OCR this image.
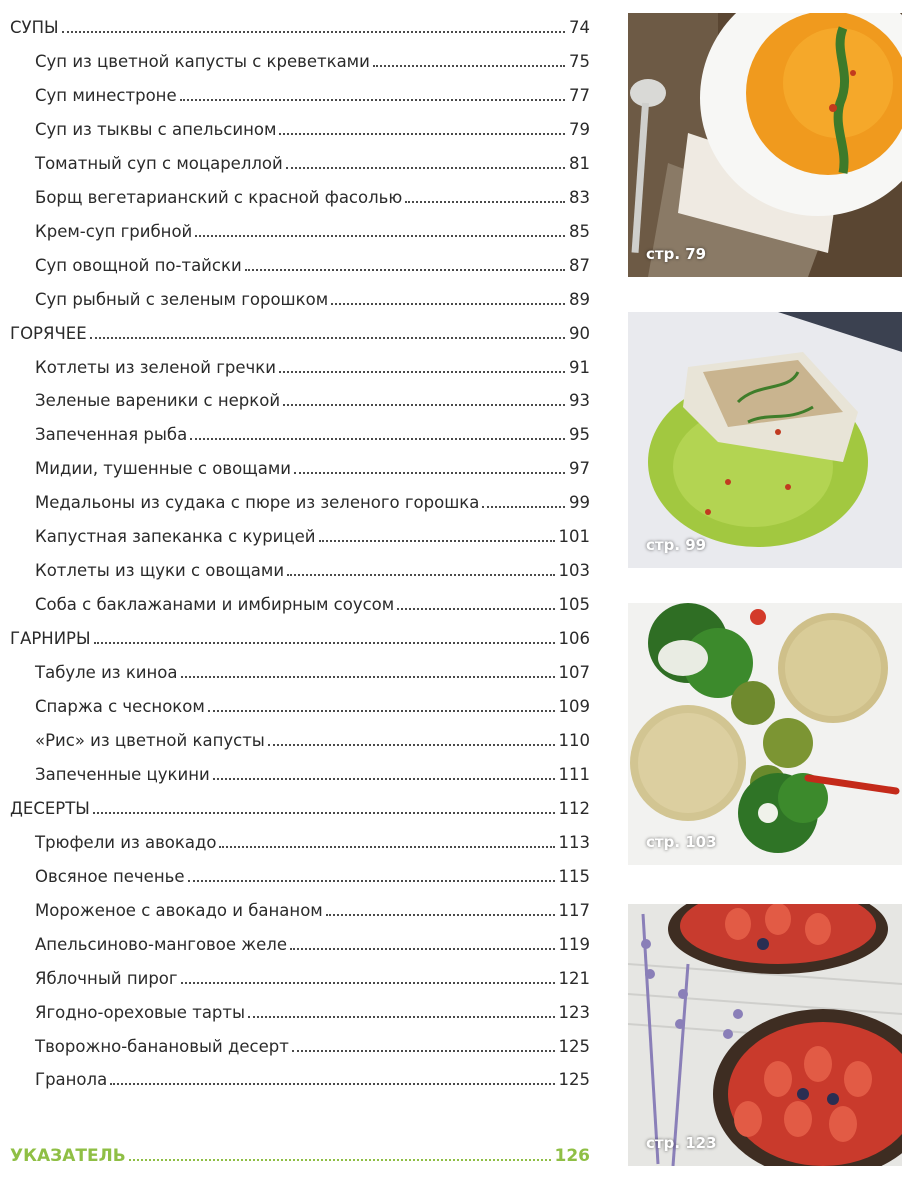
СУПЫ	74
Суп из цветной капусты с креветками	75
Суп минестроне	77
Суп из тыквы с апельсином	79
Томатный суп с моцареллой	81
Борщ вегетарианский с красной фасолью	83
Крем-суп грибной	85
Суп овощной по-тайски	87
Суп рыбный с зеленым горошком	89
ГОРЯЧЕЕ	90
Котлеты из зеленой гречки	91
Зеленые вареники с неркой	93
Запеченная рыба	95
Мидии, тушенные с овощами	97
Медальоны из судака с пюре из зеленого горошка	99
Капустная запеканка с курицей	101
Котлеты из щуки с овощами	103
Соба с баклажанами и имбирным соусом	105
ГАРНИРЫ	106
Табуле из киноа	107
Спаржа с чесноком	109
«Рис» из цветной капусты	110
Запеченные цукини	111
ДЕСЕРТЫ	112
Трюфели из авокадо	113
Овсяное печенье	115
Мороженое с авокадо и бананом	117
Апельсиново-манговое желе	119
Яблочный пирог	121
Ягодно-ореховые тарты	123
Творожно-банановый десерт	125
Гранола	125
УКАЗАТЕЛЬ	126
стр. 79
стр. 99
стр. 103
стр. 123
